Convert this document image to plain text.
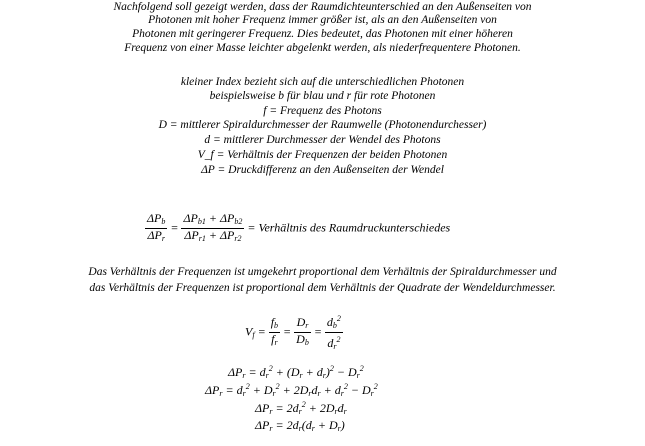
Nachfolgend soll gezeigt werden, dass der Raumdichteunterschied an den Außenseiten von
Photonen mit hoher Frequenz immer größer ist, als an den Außenseiten von
Photonen mit geringerer Frequenz. Dies bedeutet, das Photonen mit einer höheren
Frequenz von einer Masse leichter abgelenkt werden, als niederfrequentere Photonen.
kleiner Index bezieht sich auf die unterschiedlichen Photonen
beispielsweise b für blau und r für rote Photonen
f = Frequenz des Photons
D = mittlerer Spiraldurchmesser der Raumwelle (Photonendurchesser)
d = mittlerer Durchmesser der Wendel des Photons
V_f = Verhältnis der Frequenzen der beiden Photonen
ΔP = Druckdifferenz an den Außenseiten der Wendel
$\frac{\Delta P_b}{\Delta P_r} = \frac{\Delta P_{b1} + \Delta P_{b2}}{\Delta P_{r1} + \Delta P_{r2}}$ = Verhältnis des Raumdruckunterschiedes
Das Verhältnis der Frequenzen ist umgekehrt proportional dem Verhältnis der Spiraldurchmesser und
das Verhältnis der Frequenzen ist proportional dem Verhältnis der Quadrate der Wendeldurchmesser.
$V_f = \frac{f_b}{f_r} = \frac{D_r}{D_b} = \frac{d_b^2}{d_r^2}$
$\Delta P_r = d_r^2 + (D_r + d_r)^2 - D_r^2$
$\Delta P_r = d_r^2 + D_r^2 + 2D_rd_r + d_r^2 - D_r^2$
$\Delta P_r = 2d_r^2 + 2D_rd_r$
$\Delta P_r = 2d_r(d_r + D_r)$
